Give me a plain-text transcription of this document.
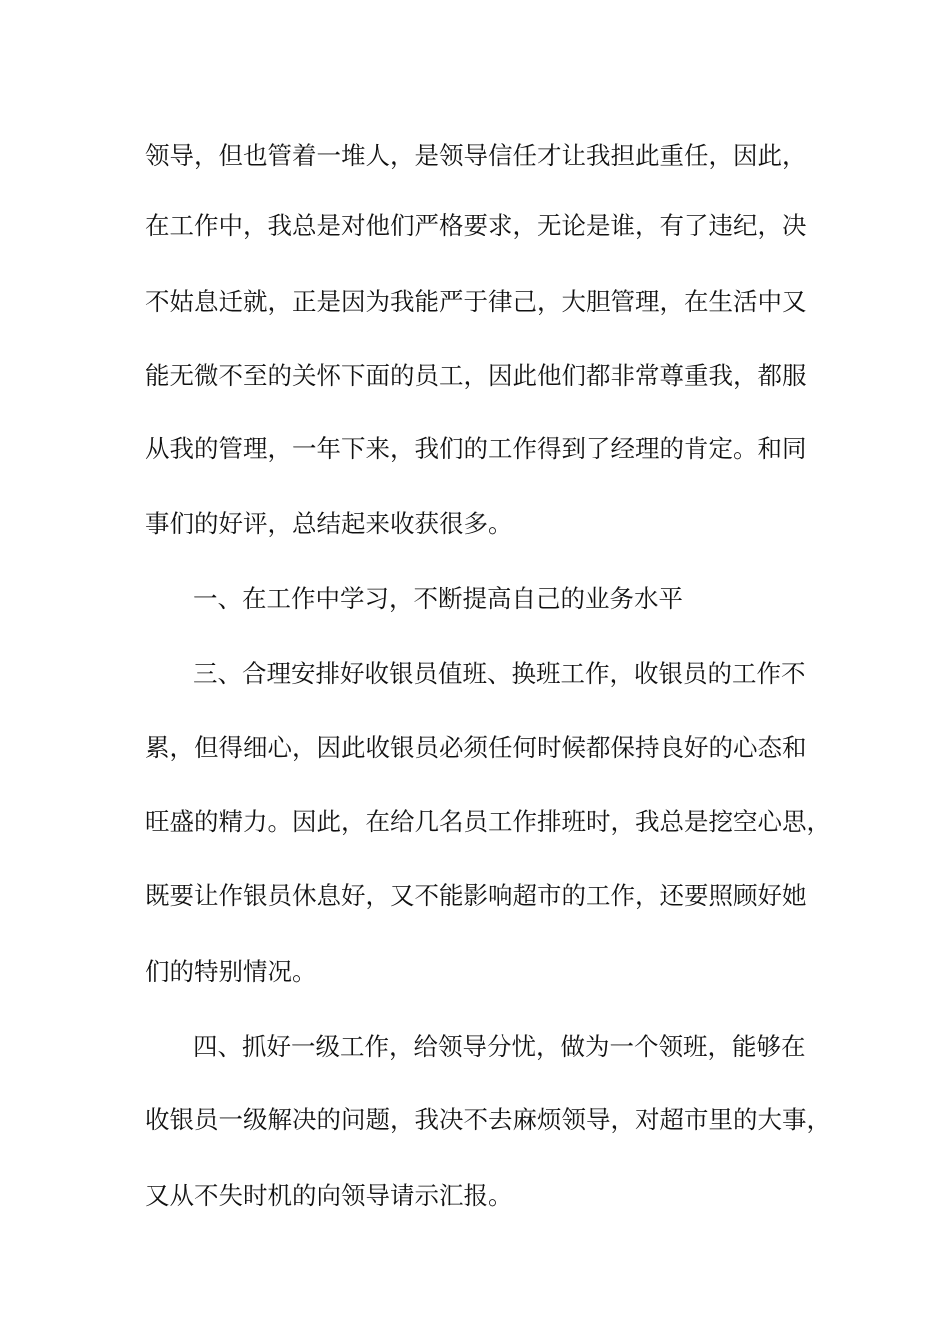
领导，但也管着一堆人，是领导信任才让我担此重任，因此，
在工作中，我总是对他们严格要求，无论是谁，有了违纪，决
不姑息迁就，正是因为我能严于律己，大胆管理，在生活中又
能无微不至的关怀下面的员工，因此他们都非常尊重我，都服
从我的管理，一年下来，我们的工作得到了经理的肯定。和同
事们的好评，总结起来收获很多。
一、在工作中学习，不断提高自己的业务水平
三、合理安排好收银员值班、换班工作，收银员的工作不
累，但得细心，因此收银员必须任何时候都保持良好的心态和
旺盛的精力。因此，在给几名员工作排班时，我总是挖空心思，
既要让作银员休息好，又不能影响超市的工作，还要照顾好她
们的特别情况。
四、抓好一级工作，给领导分忧，做为一个领班，能够在
收银员一级解决的问题，我决不去麻烦领导，对超市里的大事，
又从不失时机的向领导请示汇报。
